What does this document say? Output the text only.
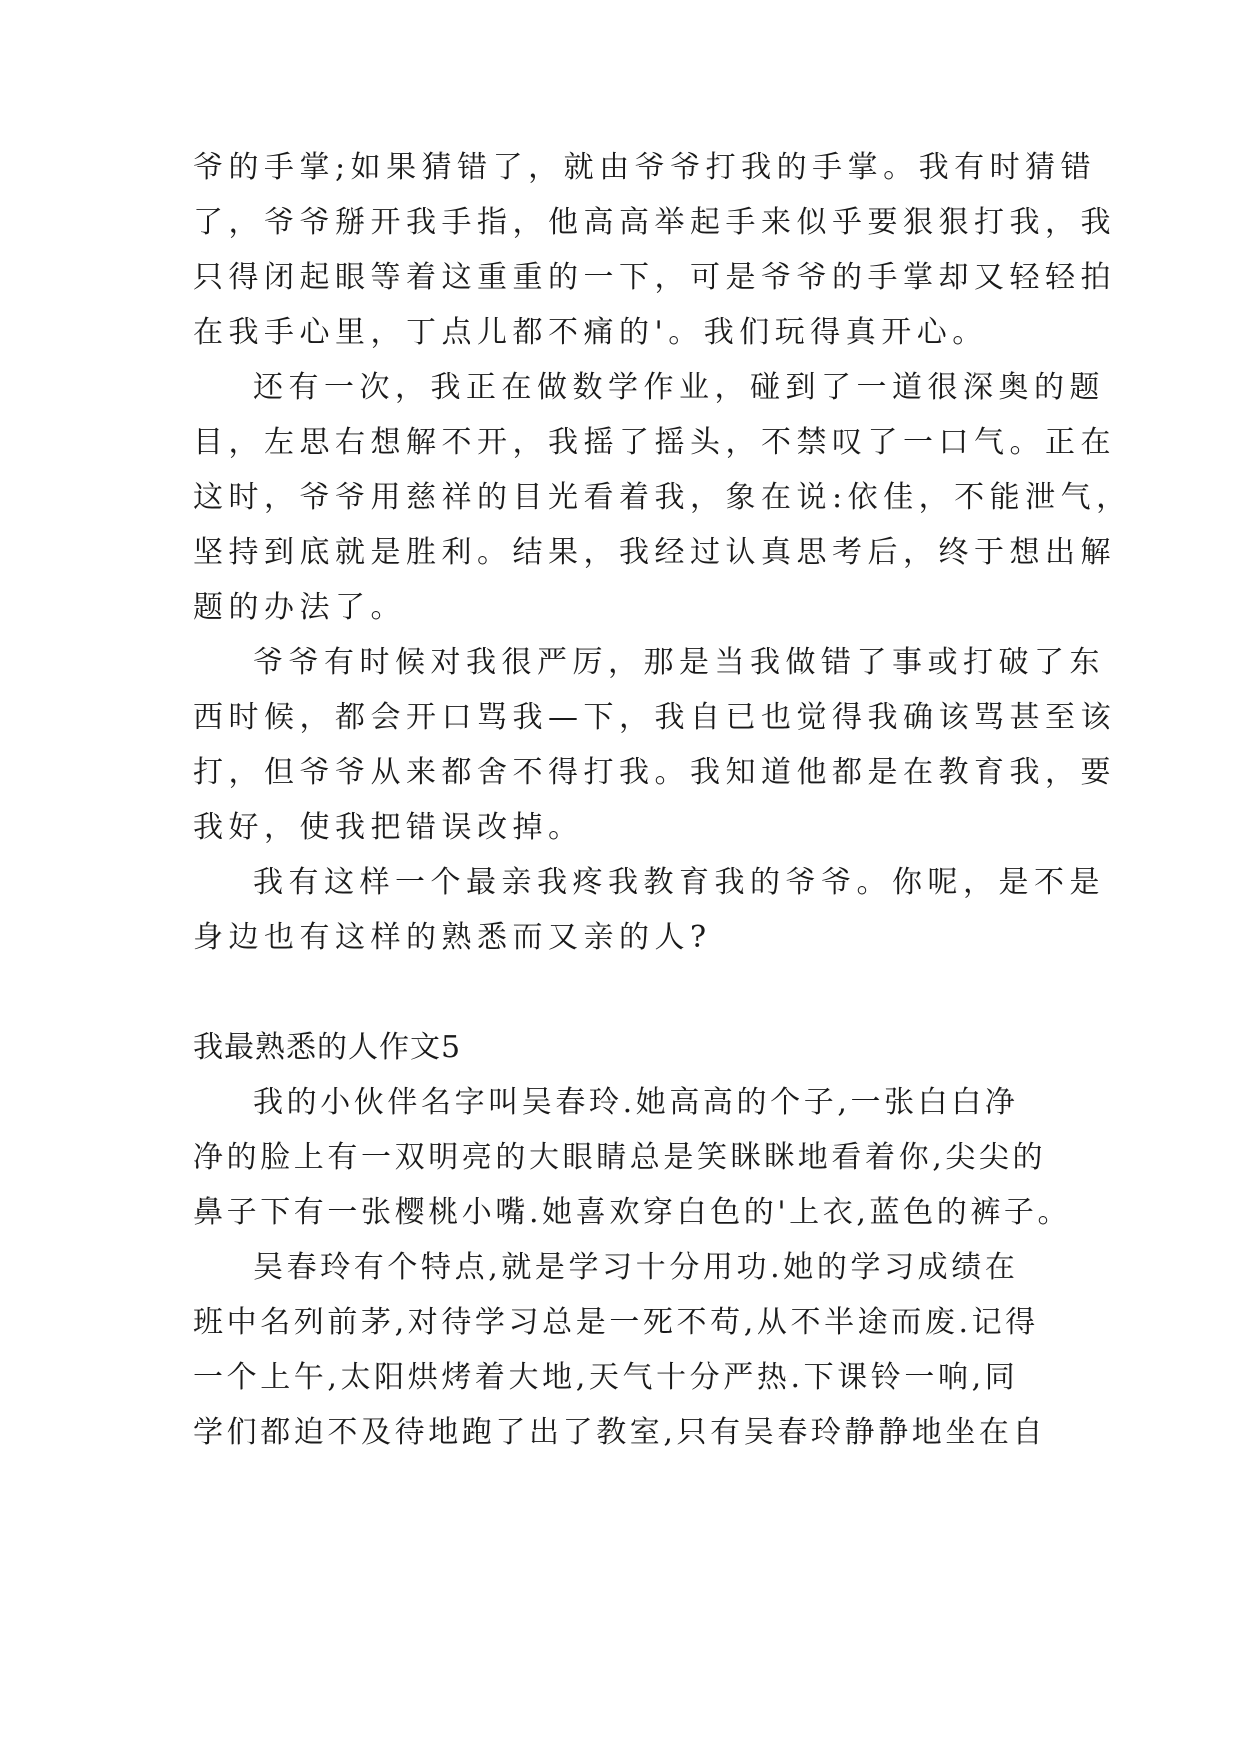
爷的手掌;如果猜错了，就由爷爷打我的手掌。我有时猜错

了，爷爷掰开我手指，他高高举起手来似乎要狠狠打我，我

只得闭起眼等着这重重的一下，可是爷爷的手掌却又轻轻拍

在我手心里，丁点儿都不痛的'。我们玩得真开心。

还有一次，我正在做数学作业，碰到了一道很深奥的题

目，左思右想解不开，我摇了摇头，不禁叹了一口气。正在

这时，爷爷用慈祥的目光看着我，象在说:依佳，不能泄气，

坚持到底就是胜利。结果，我经过认真思考后，终于想出解

题的办法了。

爷爷有时候对我很严厉，那是当我做错了事或打破了东

西时候，都会开口骂我—下，我自已也觉得我确该骂甚至该

打，但爷爷从来都舍不得打我。我知道他都是在教育我，要

我好，使我把错误改掉。

我有这样一个最亲我疼我教育我的爷爷。你呢，是不是

身边也有这样的熟悉而又亲的人?

我最熟悉的人作文5

我的小伙伴名字叫吴春玲.她高高的个子,一张白白净

净的脸上有一双明亮的大眼睛总是笑眯眯地看着你,尖尖的

鼻子下有一张樱桃小嘴.她喜欢穿白色的'上衣,蓝色的裤子。

吴春玲有个特点,就是学习十分用功.她的学习成绩在

班中名列前茅,对待学习总是一死不苟,从不半途而废.记得

一个上午,太阳烘烤着大地,天气十分严热.下课铃一响,同

学们都迫不及待地跑了出了教室,只有吴春玲静静地坐在自
